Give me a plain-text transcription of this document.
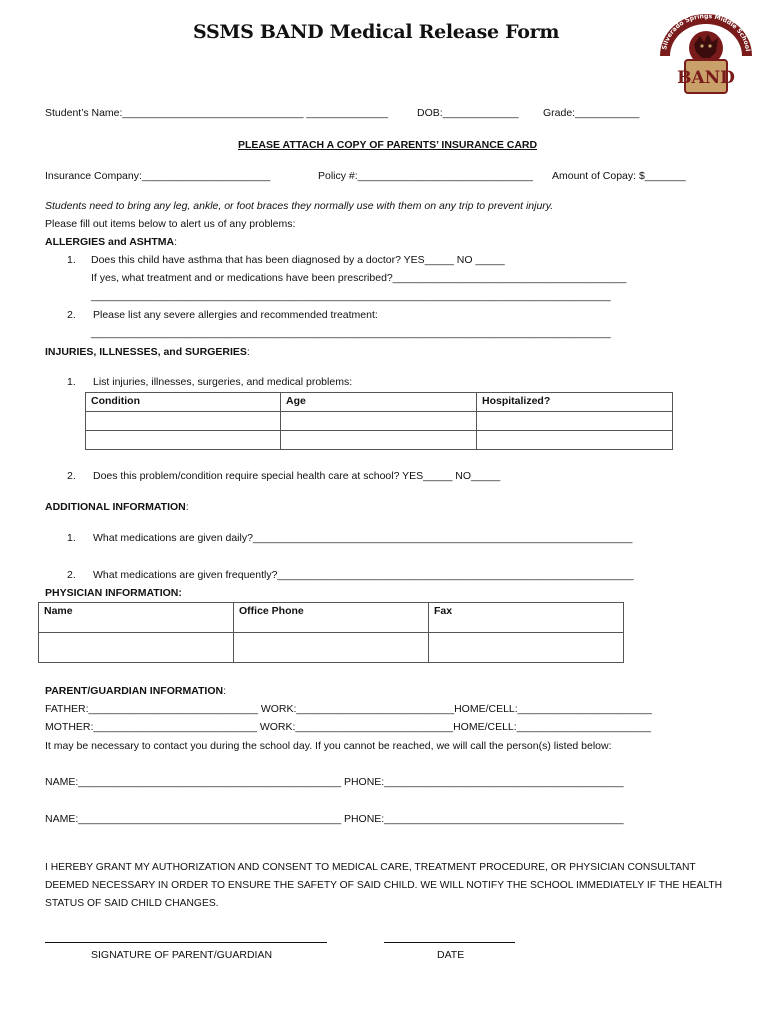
SSMS BAND Medical Release Form
Silverado Springs Middle School
BAND
Student’s Name:_______________________________ ______________	DOB:_____________ Grade:___________
PLEASE ATTACH A COPY OF PARENTS’ INSURANCE CARD
Insurance Company:______________________	Policy #:______________________________ Amount of Copay: $_______
Students need to bring any leg, ankle, or foot braces they normally use with them on any trip to prevent injury.
Please fill out items below to alert us of any problems:
ALLERGIES and ASHTMA:
1. Does this child have asthma that has been diagnosed by a doctor? YES_____ NO _____
If yes, what treatment and or medications have been prescribed?________________________________________
_________________________________________________________________________________________
2. Please list any severe allergies and recommended treatment:
_________________________________________________________________________________________
INJURIES, ILLNESSES, and SURGERIES:
1. List injuries, illnesses, surgeries, and medical problems:
Condition	Age	Hospitalized?

2. Does this problem/condition require special health care at school? YES_____ NO_____
ADDITIONAL INFORMATION:
1. What medications are given daily?_________________________________________________________________
2. What medications are given frequently?_____________________________________________________________
PHYSICIAN INFORMATION:
Name	Office Phone	Fax

PARENT/GUARDIAN INFORMATION:
FATHER:_____________________________ WORK:___________________________HOME/CELL:_______________________
MOTHER:____________________________ WORK:___________________________HOME/CELL:_______________________
It may be necessary to contact you during the school day. If you cannot be reached, we will call the person(s) listed below:
NAME:_____________________________________________ PHONE:_________________________________________
NAME:_____________________________________________ PHONE:_________________________________________
I HEREBY GRANT MY AUTHORIZATION AND CONSENT TO MEDICAL CARE, TREATMENT PROCEDURE, OR PHYSICIAN CONSULTANT
DEEMED NECESSARY IN ORDER TO ENSURE THE SAFETY OF SAID CHILD. WE WILL NOTIFY THE SCHOOL IMMEDIATELY IF THE HEALTH
STATUS OF SAID CHILD CHANGES.
SIGNATURE OF PARENT/GUARDIAN	DATE
